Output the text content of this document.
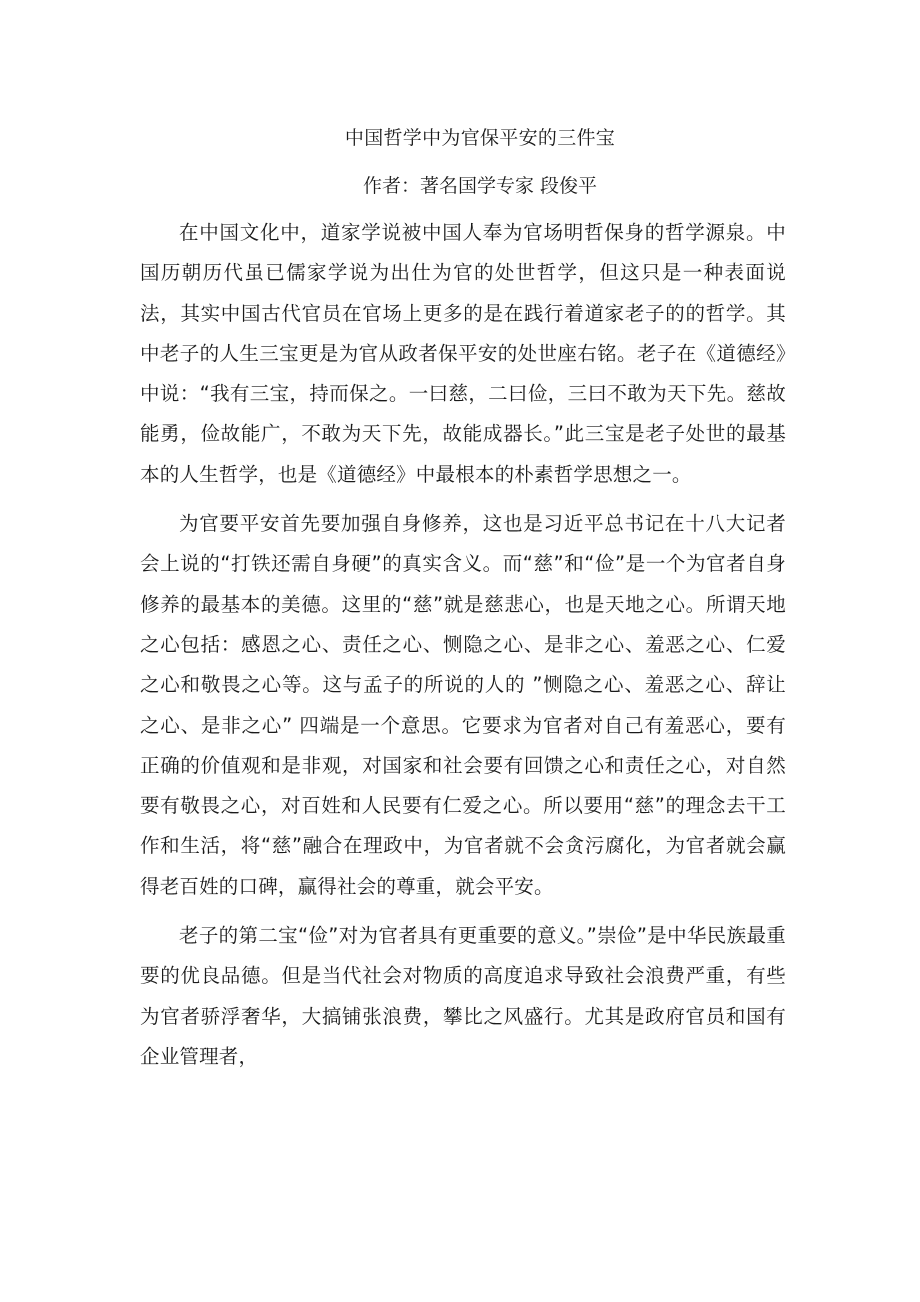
中国哲学中为官保平安的三件宝
作者：著名国学专家 段俊平

在中国文化中，道家学说被中国人奉为官场明哲保身的哲学源泉。中国历朝历代虽已儒家学说为出仕为官的处世哲学，但这只是一种表面说法，其实中国古代官员在官场上更多的是在践行着道家老子的的哲学。其中老子的人生三宝更是为官从政者保平安的处世座右铭。老子在《道德经》中说：“我有三宝，持而保之。一曰慈，二曰俭，三曰不敢为天下先。慈故能勇，俭故能广，不敢为天下先，故能成器长。”此三宝是老子处世的最基本的人生哲学，也是《道德经》中最根本的朴素哲学思想之一。

为官要平安首先要加强自身修养，这也是习近平总书记在十八大记者会上说的“打铁还需自身硬”的真实含义。而“慈”和“俭”是一个为官者自身修养的最基本的美德。这里的“慈”就是慈悲心，也是天地之心。所谓天地之心包括：感恩之心、责任之心、恻隐之心、是非之心、羞恶之心、仁爱之心和敬畏之心等。这与孟子的所说的人的 ”恻隐之心、羞恶之心、辞让之心、是非之心” 四端是一个意思。它要求为官者对自己有羞恶心，要有正确的价值观和是非观，对国家和社会要有回馈之心和责任之心，对自然要有敬畏之心，对百姓和人民要有仁爱之心。所以要用“慈”的理念去干工作和生活，将“慈”融合在理政中，为官者就不会贪污腐化，为官者就会赢得老百姓的口碑，赢得社会的尊重，就会平安。

老子的第二宝“俭”对为官者具有更重要的意义。”崇俭”是中华民族最重要的优良品德。但是当代社会对物质的高度追求导致社会浪费严重，有些为官者骄浮奢华，大搞铺张浪费，攀比之风盛行。尤其是政府官员和国有企业管理者，
